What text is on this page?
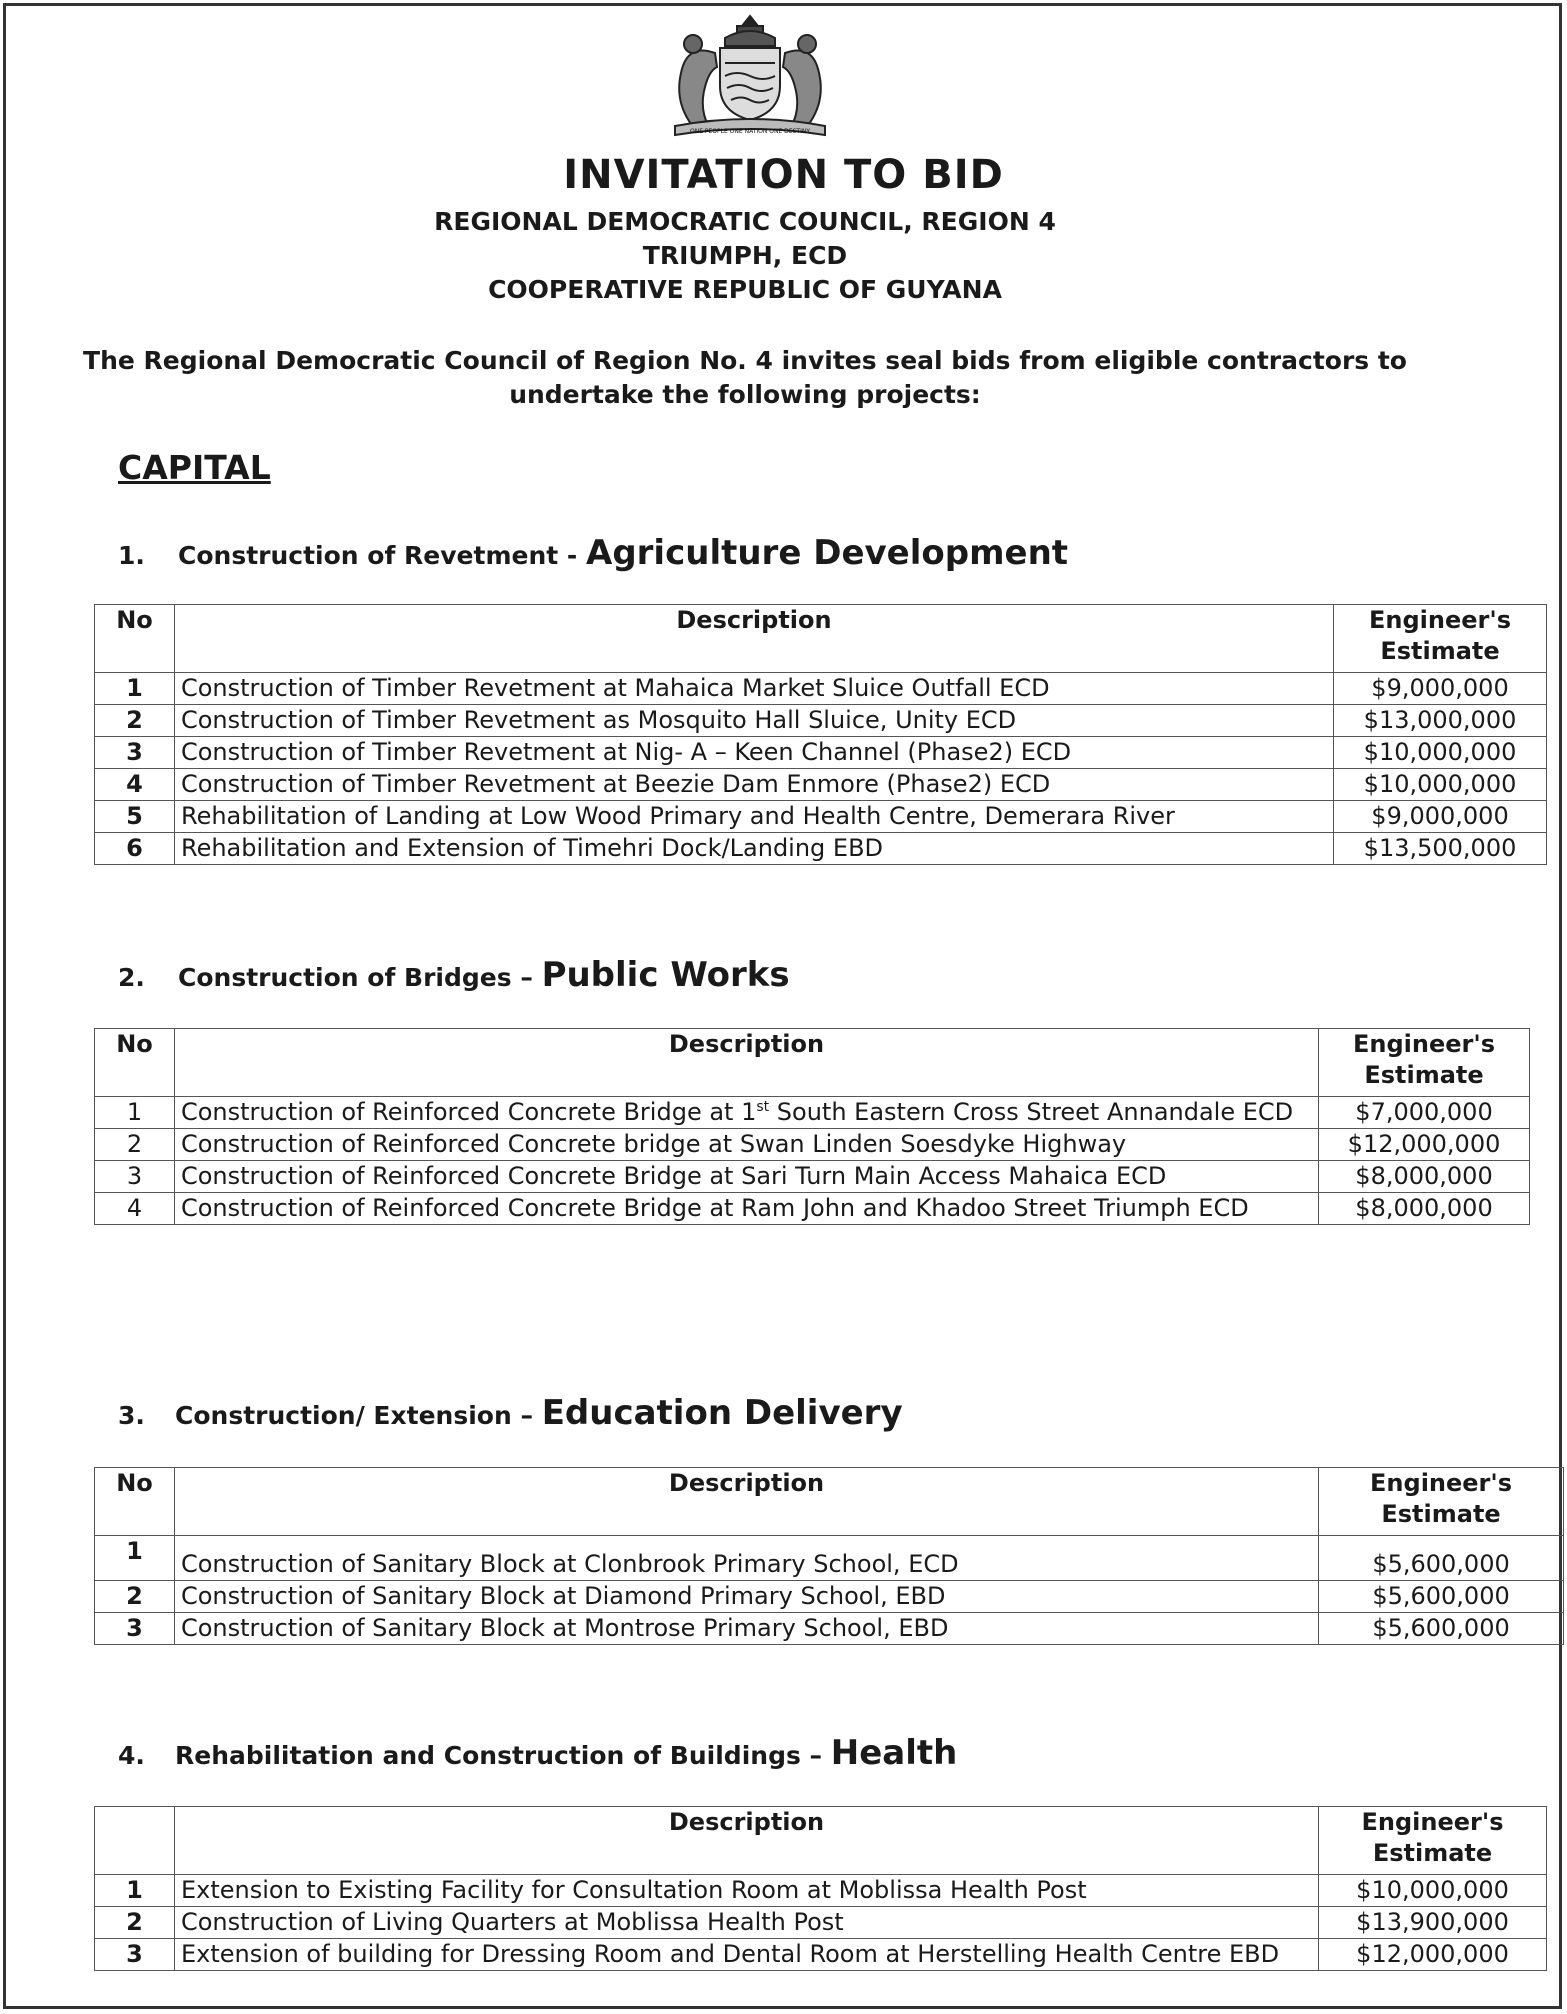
ONE PEOPLE ONE NATION ONE DESTINY
INVITATION TO BID
REGIONAL DEMOCRATIC COUNCIL, REGION 4
TRIUMPH, ECD
COOPERATIVE REPUBLIC OF GUYANA
The Regional Democratic Council of Region No. 4 invites seal bids from eligible contractors to
undertake the following projects:
CAPITAL
1. Construction of Revetment - Agriculture Development
No	Description	Engineer's
Estimate

1	Construction of Timber Revetment at Mahaica Market Sluice Outfall ECD	$9,000,000
2	Construction of Timber Revetment as Mosquito Hall Sluice, Unity ECD	$13,000,000
3	Construction of Timber Revetment at Nig- A – Keen Channel (Phase2) ECD	$10,000,000
4	Construction of Timber Revetment at Beezie Dam Enmore (Phase2) ECD	$10,000,000
5	Rehabilitation of Landing at Low Wood Primary and Health Centre, Demerara River	$9,000,000
6	Rehabilitation and Extension of Timehri Dock/Landing EBD	$13,500,000
2. Construction of Bridges – Public Works
No	Description	Engineer's
Estimate

1	Construction of Reinforced Concrete Bridge at 1st South Eastern Cross Street Annandale ECD	$7,000,000
2	Construction of Reinforced Concrete bridge at Swan Linden Soesdyke Highway	$12,000,000
3	Construction of Reinforced Concrete Bridge at Sari Turn Main Access Mahaica ECD	$8,000,000
4	Construction of Reinforced Concrete Bridge at Ram John and Khadoo Street Triumph ECD	$8,000,000
3. Construction/ Extension – Education Delivery
No	Description	Engineer's
Estimate

1	Construction of Sanitary Block at Clonbrook Primary School, ECD	$5,600,000
2	Construction of Sanitary Block at Diamond Primary School, EBD	$5,600,000
3	Construction of Sanitary Block at Montrose Primary School, EBD	$5,600,000
4. Rehabilitation and Construction of Buildings – Health
	Description	Engineer's
Estimate

1	Extension to Existing Facility for Consultation Room at Moblissa Health Post	$10,000,000
2	Construction of Living Quarters at Moblissa Health Post	$13,900,000
3	Extension of building for Dressing Room and Dental Room at Herstelling Health Centre EBD	$12,000,000
